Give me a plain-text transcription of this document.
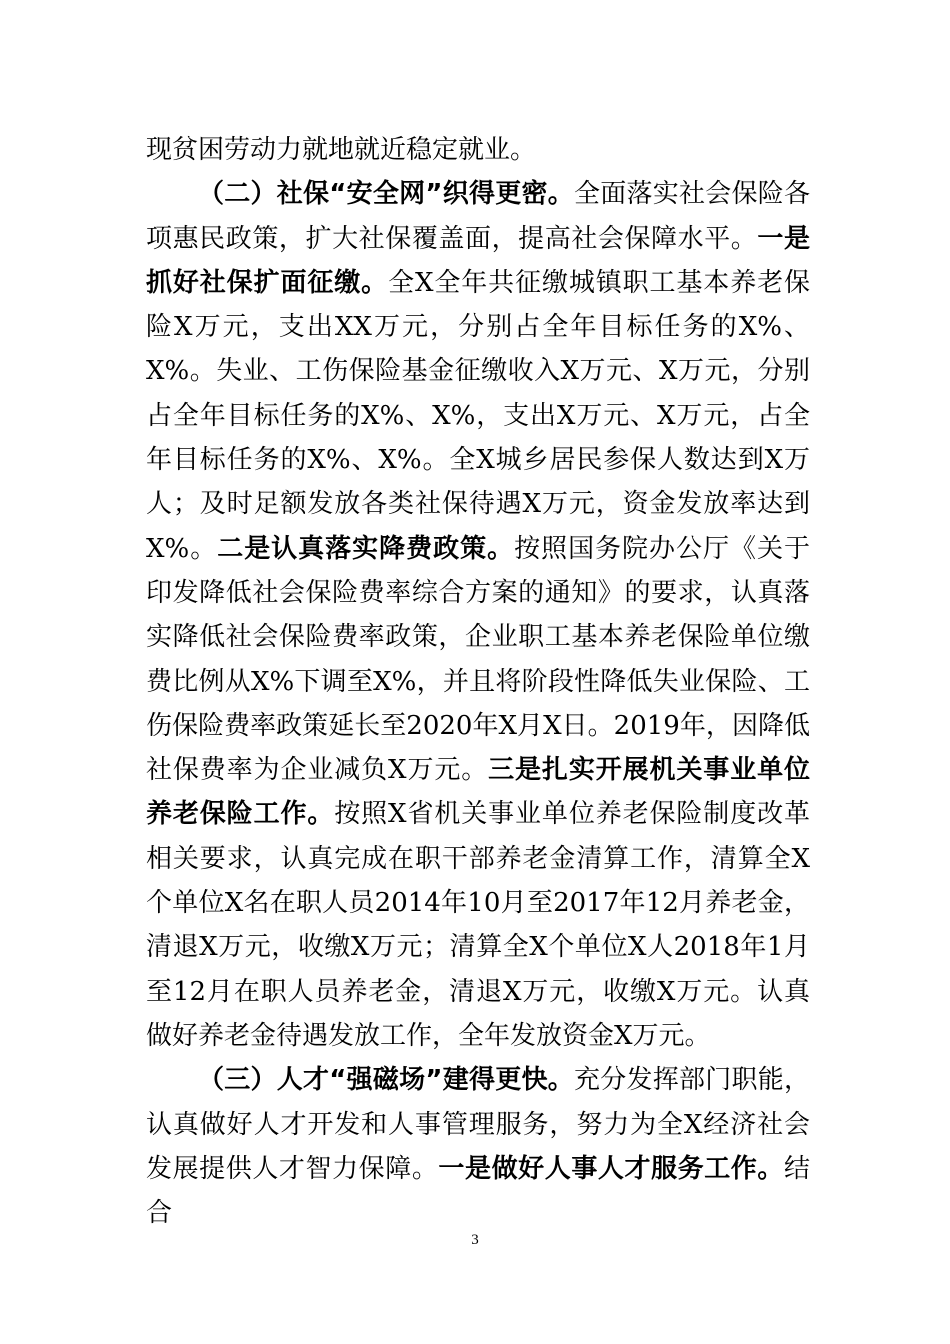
现贫困劳动力就地就近稳定就业。

（二）社保“安全网”织得更密。全面落实社会保险各项惠民政策，扩大社保覆盖面，提高社会保障水平。一是抓好社保扩面征缴。全X全年共征缴城镇职工基本养老保险X万元，支出XX万元，分别占全年目标任务的X%、X%。失业、工伤保险基金征缴收入X万元、X万元，分别占全年目标任务的X%、X%，支出X万元、X万元，占全年目标任务的X%、X%。全X城乡居民参保人数达到X万人；及时足额发放各类社保待遇X万元，资金发放率达到X%。二是认真落实降费政策。按照国务院办公厅《关于印发降低社会保险费率综合方案的通知》的要求，认真落实降低社会保险费率政策，企业职工基本养老保险单位缴费比例从X%下调至X%，并且将阶段性降低失业保险、工伤保险费率政策延长至2020年X月X日。2019年，因降低社保费率为企业减负X万元。三是扎实开展机关事业单位养老保险工作。按照X省机关事业单位养老保险制度改革相关要求，认真完成在职干部养老金清算工作，清算全X个单位X名在职人员2014年10月至2017年12月养老金，清退X万元，收缴X万元；清算全X个单位X人2018年1月至12月在职人员养老金，清退X万元，收缴X万元。认真做好养老金待遇发放工作，全年发放资金X万元。

（三）人才“强磁场”建得更快。充分发挥部门职能，认真做好人才开发和人事管理服务，努力为全X经济社会发展提供人才智力保障。一是做好人事人才服务工作。结合

3
